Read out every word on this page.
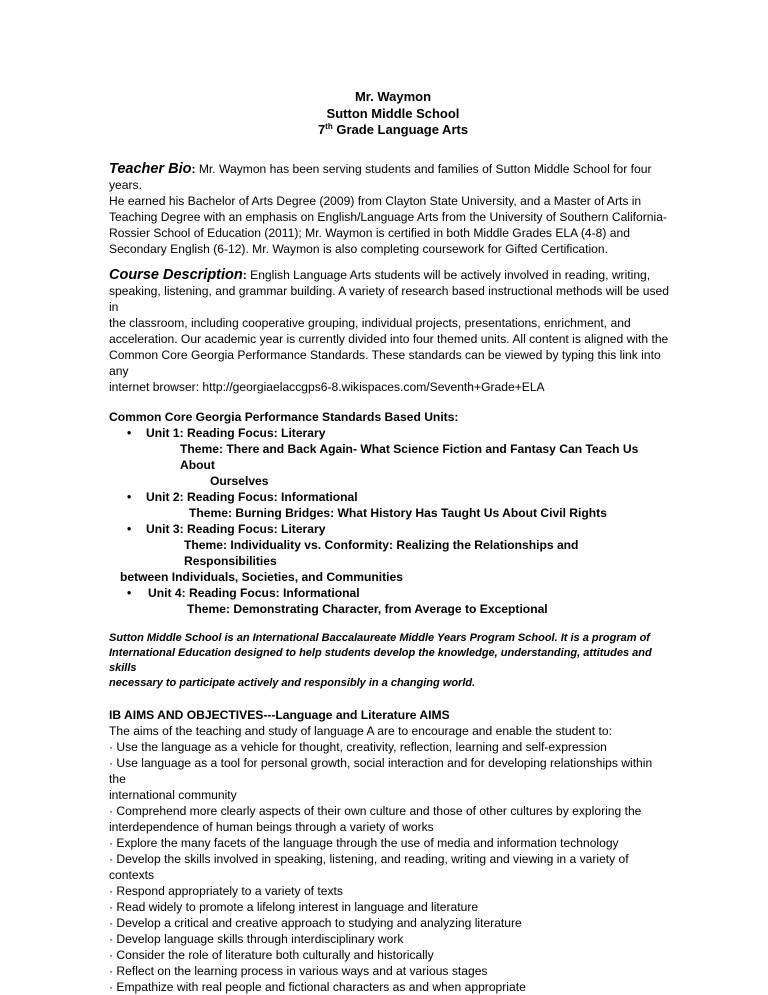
Mr. Waymon
Sutton Middle School
7th Grade Language Arts
Teacher Bio: Mr. Waymon has been serving students and families of Sutton Middle School for four years.
He earned his Bachelor of Arts Degree (2009) from Clayton State University, and a Master of Arts in
Teaching Degree with an emphasis on English/Language Arts from the University of Southern California-
Rossier School of Education (2011); Mr. Waymon is certified in both Middle Grades ELA (4-8) and
Secondary English (6-12). Mr. Waymon is also completing coursework for Gifted Certification.
Course Description: English Language Arts students will be actively involved in reading, writing,
speaking, listening, and grammar building. A variety of research based instructional methods will be used in
the classroom, including cooperative grouping, individual projects, presentations, enrichment, and
acceleration. Our academic year is currently divided into four themed units. All content is aligned with the
Common Core Georgia Performance Standards. These standards can be viewed by typing this link into any
internet browser: http://georgiaelaccgps6-8.wikispaces.com/Seventh+Grade+ELA
Common Core Georgia Performance Standards Based Units:
• Unit 1: Reading Focus: Literary
Theme: There and Back Again- What Science Fiction and Fantasy Can Teach Us About
Ourselves
• Unit 2: Reading Focus: Informational
Theme: Burning Bridges: What History Has Taught Us About Civil Rights
• Unit 3: Reading Focus: Literary
Theme: Individuality vs. Conformity: Realizing the Relationships and Responsibilities
between Individuals, Societies, and Communities
• Unit 4: Reading Focus: Informational
Theme: Demonstrating Character, from Average to Exceptional
Sutton Middle School is an International Baccalaureate Middle Years Program School. It is a program of
International Education designed to help students develop the knowledge, understanding, attitudes and skills
necessary to participate actively and responsibly in a changing world.
IB AIMS AND OBJECTIVES---Language and Literature AIMS
The aims of the teaching and study of language A are to encourage and enable the student to:
· Use the language as a vehicle for thought, creativity, reflection, learning and self-expression
· Use language as a tool for personal growth, social interaction and for developing relationships within the
international community
· Comprehend more clearly aspects of their own culture and those of other cultures by exploring the
interdependence of human beings through a variety of works
· Explore the many facets of the language through the use of media and information technology
· Develop the skills involved in speaking, listening, and reading, writing and viewing in a variety of contexts
· Respond appropriately to a variety of texts
· Read widely to promote a lifelong interest in language and literature
· Develop a critical and creative approach to studying and analyzing literature
· Develop language skills through interdisciplinary work
· Consider the role of literature both culturally and historically
· Reflect on the learning process in various ways and at various stages
· Empathize with real people and fictional characters as and when appropriate
